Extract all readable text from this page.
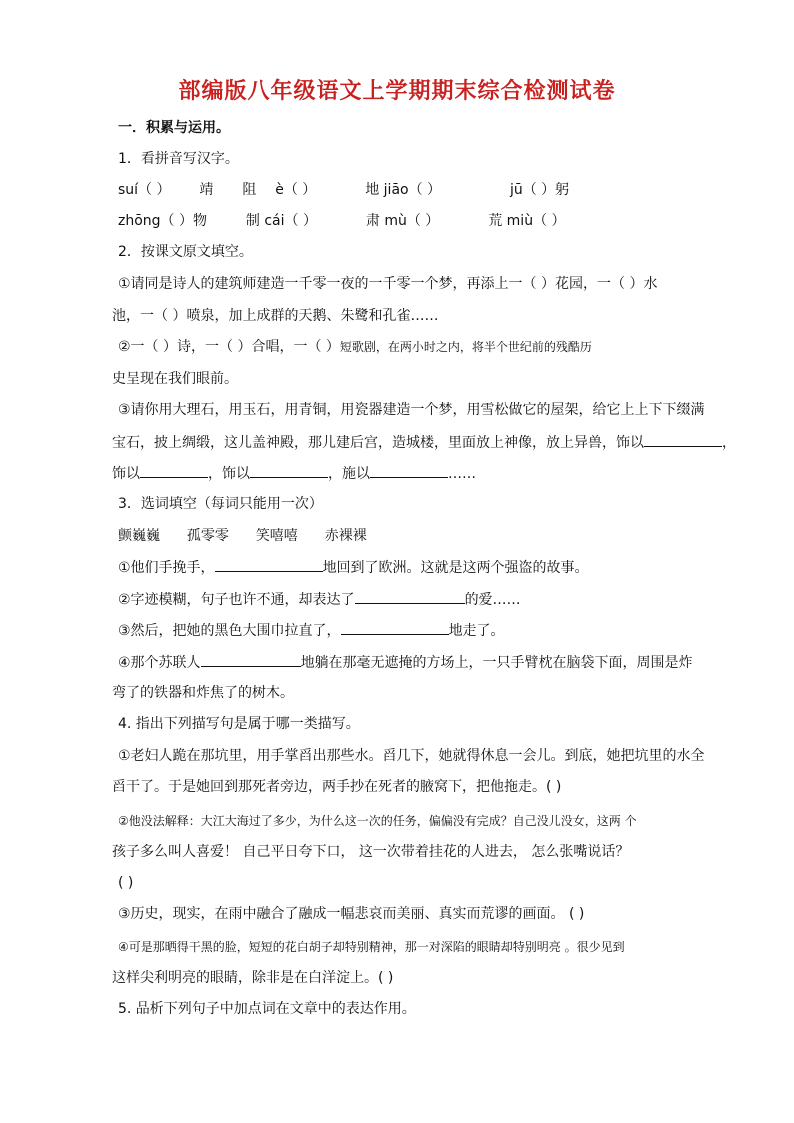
部编版八年级语文上学期期末综合检测试卷
一．积累与运用。
1．看拼音写汉字。
suí（ ） 靖 阻 è（ ）	地 jiāo（ ）	jū（ ）躬
zhōng（ ）物	制 cái（ ）	肃 mù（ ）	荒 miù（ ）
2．按课文原文填空。
①请同是诗人的建筑师建造一千零一夜的一千零一个梦，再添上一（ ）花园，一（ ）水
池，一（ ）喷泉，加上成群的天鹅、朱鹭和孔雀……
②一（ ）诗，一（ ）合唱，一（ ）短歌剧，在两小时之内，将半个世纪前的残酷历
史呈现在我们眼前。
③请你用大理石，用玉石，用青铜，用瓷器建造一个梦，用雪松做它的屋架，给它上上下下缀满
宝石，披上绸缎，这儿盖神殿，那儿建后宫，造城楼，里面放上神像，放上异兽，饰以	，
饰以	，饰以	，施以	……
3．选词填空（每词只能用一次）
颤巍巍 孤零零 笑嘻嘻 赤裸裸
①他们手挽手，	地回到了欧洲。这就是这两个强盗的故事。
②字迹模糊，句子也许不通，却表达了	的爱……
③然后，把她的黑色大围巾拉直了，	地走了。
④那个苏联人	地躺在那毫无遮掩的方场上，一只手臂枕在脑袋下面，周围是炸
弯了的铁器和炸焦了的树木。
4. 指出下列描写句是属于哪一类描写。
①老妇人跪在那坑里，用手掌舀出那些水。舀几下，她就得休息一会儿。到底，她把坑里的水全
舀干了。于是她回到那死者旁边，两手抄在死者的腋窝下，把他拖走。( )
②他没法解释：大江大海过了多少，为什么这一次的任务，偏偏没有完成？自己没儿没女，这两 个
孩子多么叫人喜爱！ 自己平日夸下口， 这一次带着挂花的人进去， 怎么张嘴说话？
( )
③历史，现实，在雨中融合了融成一幅悲哀而美丽、真实而荒谬的画面。 ( )
④可是那晒得干黑的脸，短短的花白胡子却特别精神，那一对深陷的眼睛却特别明亮 。很少见到
这样尖利明亮的眼睛，除非是在白洋淀上。( )
5. 品析下列句子中加点词在文章中的表达作用。
